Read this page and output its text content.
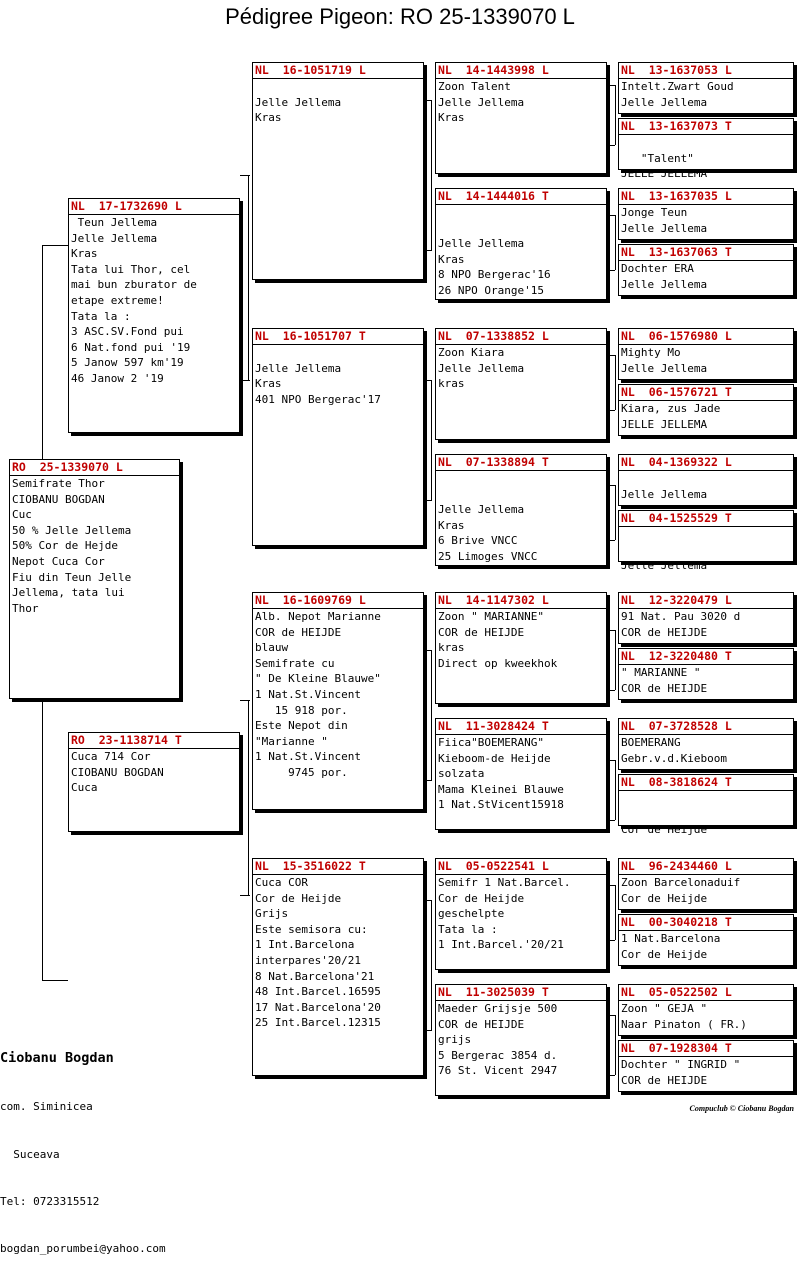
Pédigree Pigeon: RO 25-1339070 L
NL  17-1732690 L
Teun Jellema
Jelle Jellema
Kras
Tata lui Thor, cel
mai bun zburator de
etape extreme!
Tata la :
3 ASC.SV.Fond pui
6 Nat.fond pui '19
5 Janow 597 km'19
46 Janow 2 '19
RO  25-1339070 L
Semifrate Thor
CIOBANU BOGDAN
Cuc
50 % Jelle Jellema
50% Cor de Hejde
Nepot Cuca Cor
Fiu din Teun Jelle
Jellema, tata lui
Thor
RO  23-1138714 T
Cuca 714 Cor
CIOBANU BOGDAN
Cuca
NL  16-1051719 L

Jelle Jellema
Kras
NL  16-1051707 T

Jelle Jellema
Kras
401 NPO Bergerac'17
NL  16-1609769 L
Alb. Nepot Marianne
COR de HEIJDE
blauw
Semifrate cu
" De Kleine Blauwe"
1 Nat.St.Vincent
15 918 por.
Este Nepot din
"Marianne "
1 Nat.St.Vincent
9745 por.
NL  15-3516022 T
Cuca COR
Cor de Heijde
Grijs
Este semisora cu:
1 Int.Barcelona
interpares'20/21
8 Nat.Barcelona'21
48 Int.Barcel.16595
17 Nat.Barcelona'20
25 Int.Barcel.12315
NL  14-1443998 L
Zoon Talent
Jelle Jellema
Kras
NL  14-1444016 T

Jelle Jellema
Kras
8 NPO Bergerac'16
26 NPO Orange'15
NL  07-1338852 L
Zoon Kiara
Jelle Jellema
kras
NL  07-1338894 T

Jelle Jellema
Kras
6 Brive VNCC
25 Limoges VNCC
NL  14-1147302 L
Zoon " MARIANNE"
COR de HEIJDE
kras
Direct op kweekhok
NL  11-3028424 T
Fiica"BOEMERANG"
Kieboom-de Heijde
solzata
Mama Kleinei Blauwe
1 Nat.StVicent15918
NL  05-0522541 L
Semifr 1 Nat.Barcel.
Cor de Heijde
geschelpte
Tata la :
1 Int.Barcel.'20/21
NL  11-3025039 T
Maeder Grijsje 500
COR de HEIJDE
grijs
5 Bergerac 3854 d.
76 St. Vicent 2947
NL  13-1637053 L
Intelt.Zwart Goud
Jelle Jellema
NL  13-1637073 T

"Talent"
JELLE JELLEMA
NL  13-1637035 L
Jonge Teun
Jelle Jellema
NL  13-1637063 T
Dochter ERA
Jelle Jellema
NL  06-1576980 L
Mighty Mo
Jelle Jellema
NL  06-1576721 T
Kiara, zus Jade
JELLE JELLEMA
NL  04-1369322 L

Jelle Jellema
NL  04-1525529 T

Jelle Jellema
NL  12-3220479 L
91 Nat. Pau 3020 d
COR de HEIJDE
NL  12-3220480 T
" MARIANNE "
COR de HEIJDE
NL  07-3728528 L
BOEMERANG
Gebr.v.d.Kieboom
NL  08-3818624 T

Cor de Heijde
NL  96-2434460 L
Zoon Barcelonaduif
Cor de Heijde
NL  00-3040218 T
1 Nat.Barcelona
Cor de Heijde
NL  05-0522502 L
Zoon " GEJA "
Naar Pinaton ( FR.)
NL  07-1928304 T
Dochter " INGRID "
COR de HEIJDE

Ciobanu Bogdan

com. Siminicea

Suceava

Tel: 0723315512

bogdan_porumbei@yahoo.com

Compuclub © Ciobanu Bogdan
